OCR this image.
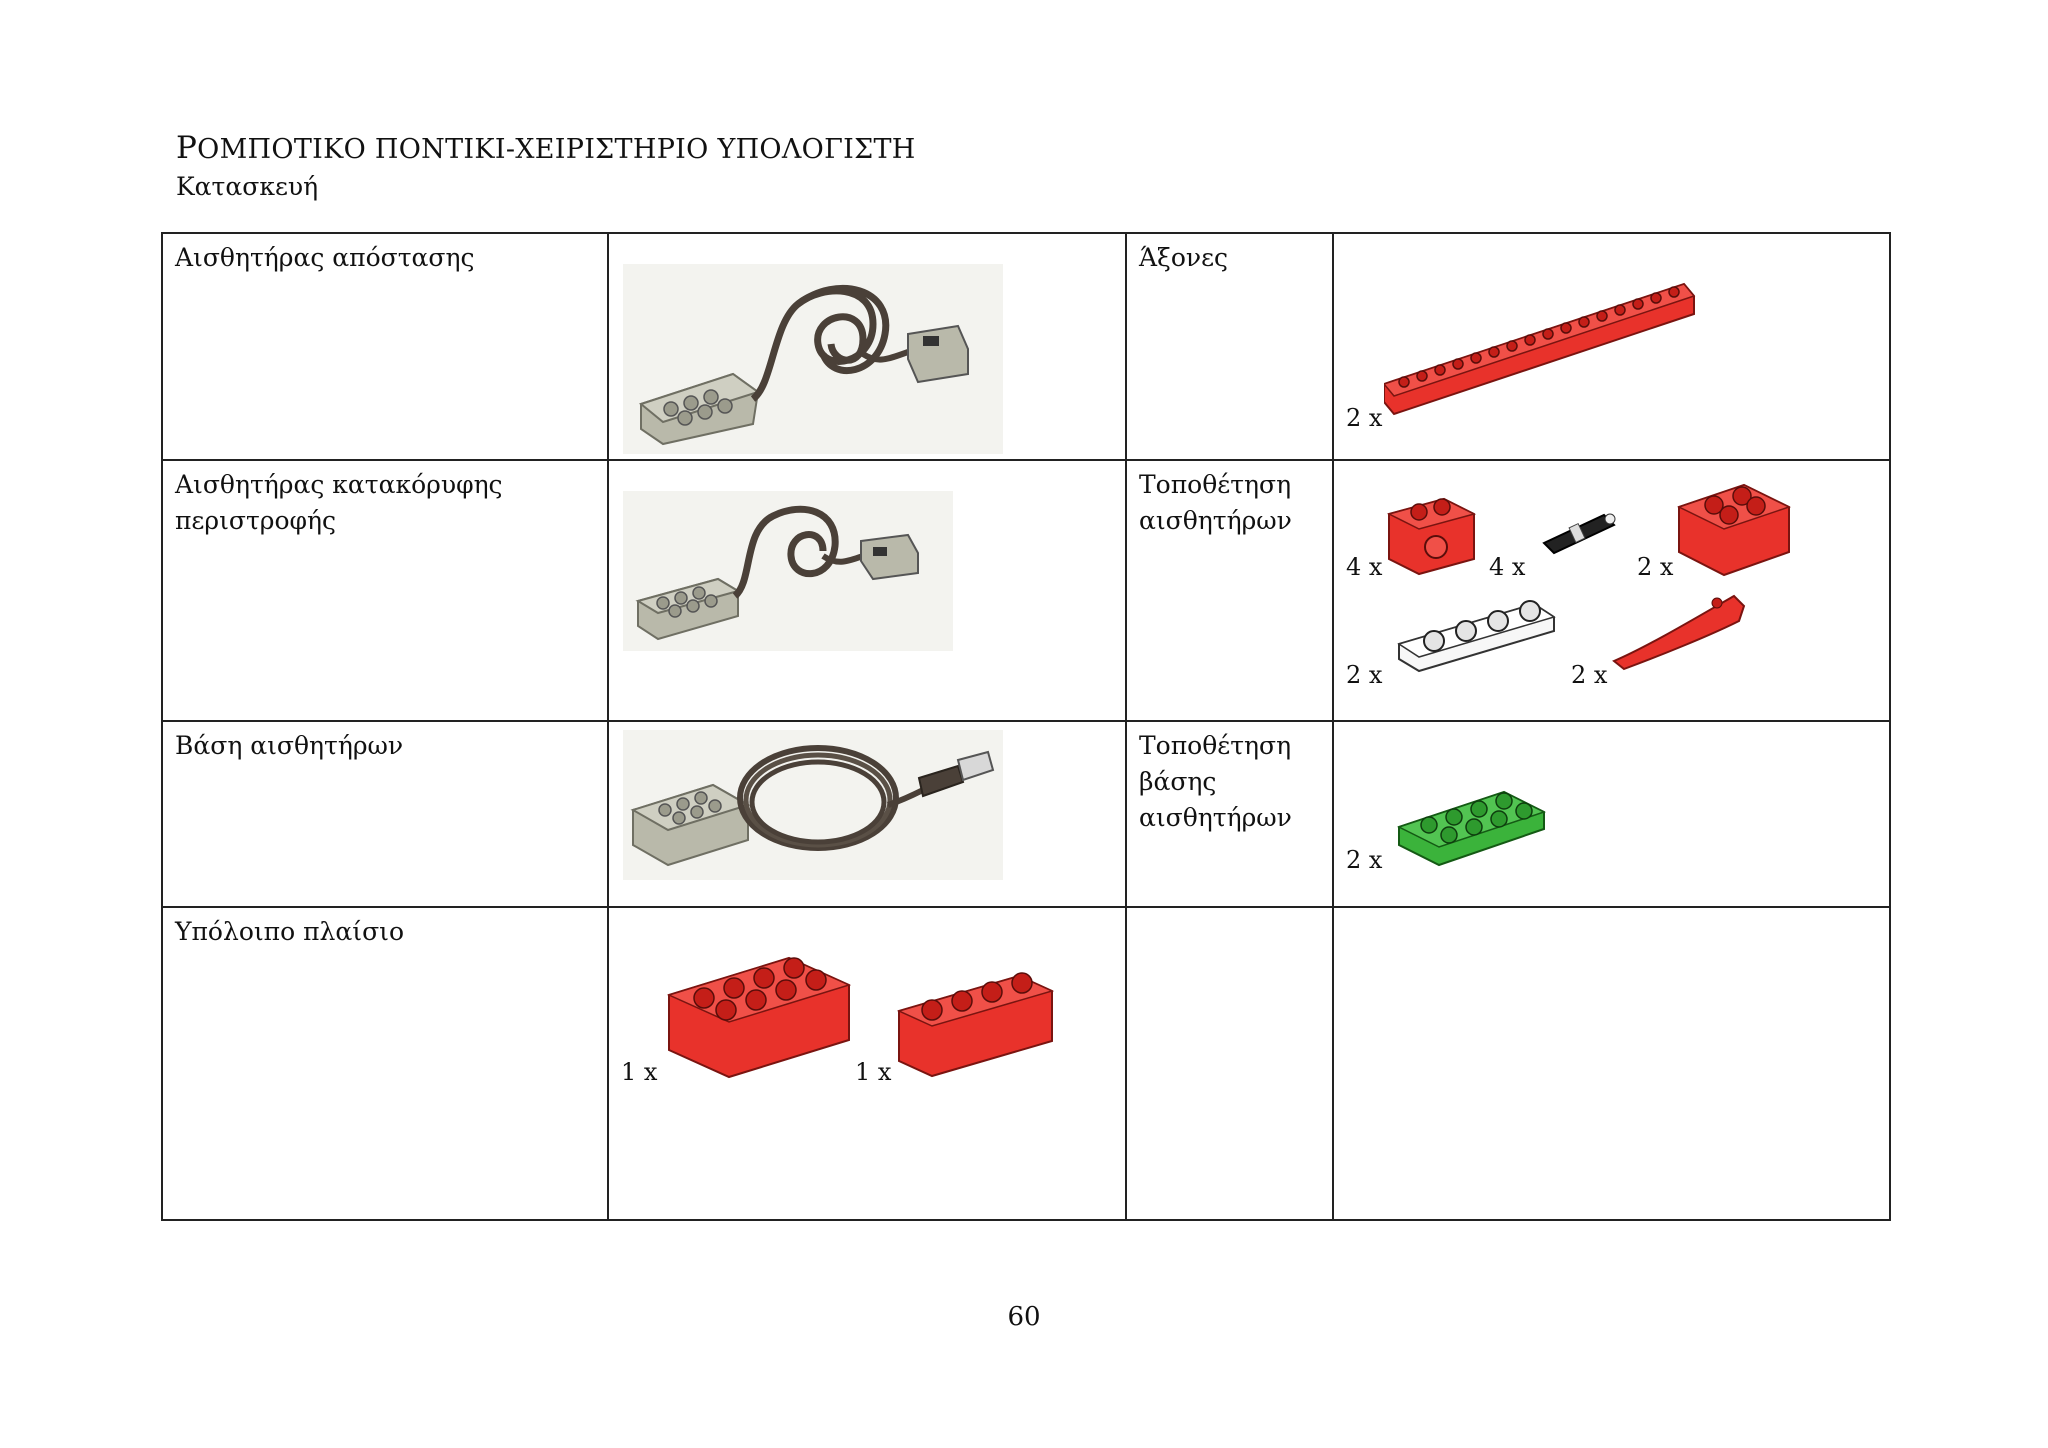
ΡΟΜΠΟΤΙΚΟ ΠΟΝΤΙΚΙ-ΧΕΙΡΙΣΤΗΡΙΟ ΥΠΟΛΟΓΙΣΤΗ
Κατασκευή
Αισθητήρας απόστασης		Άξονες	2 x

Αισθητήρας κατακόρυφης περιστροφής		Τοποθέτηση αισθητήρων	4 x 4 x 2 x
2 x 2 x

Βάση αισθητήρων		Τοποθέτηση βάσης αισθητήρων	2 x

Υπόλοιπο πλαίσιο	1 x 1 x		

60
